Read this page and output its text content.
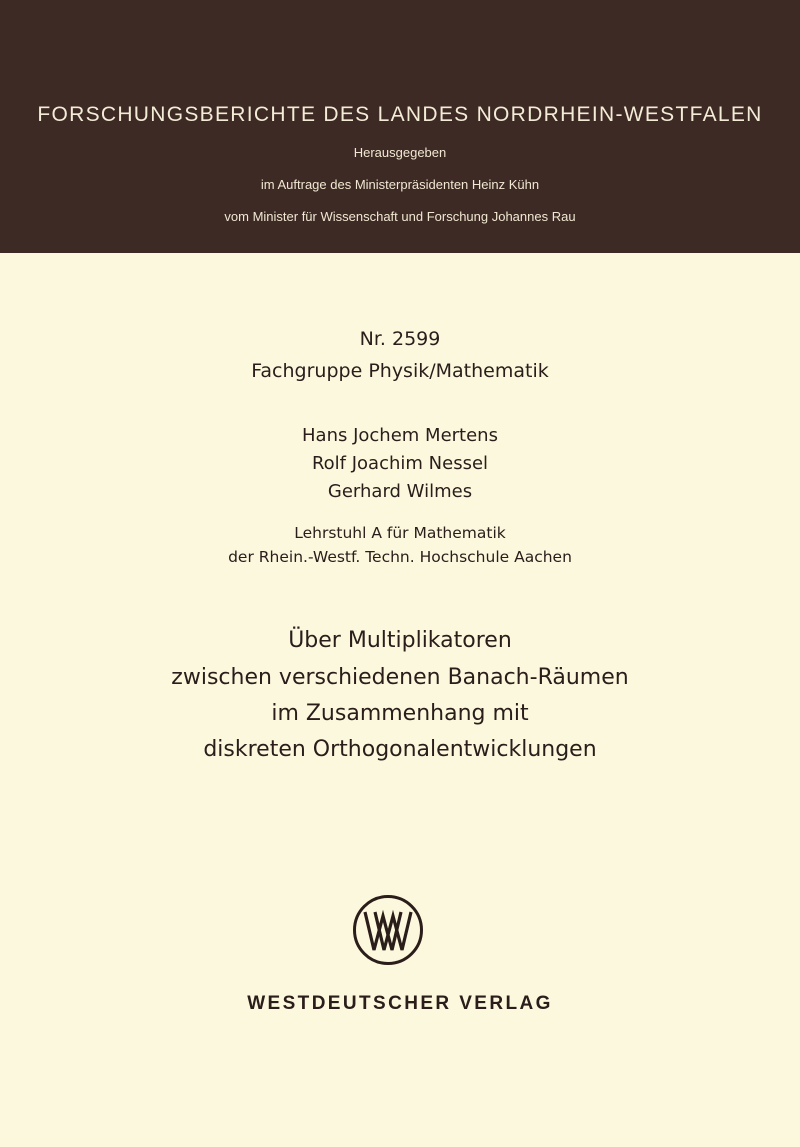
FORSCHUNGSBERICHTE DES LANDES NORDRHEIN-WESTFALEN
Herausgegeben
im Auftrage des Ministerpräsidenten Heinz Kühn
vom Minister für Wissenschaft und Forschung Johannes Rau
Nr. 2599
Fachgruppe Physik/Mathematik
Hans Jochem Mertens
Rolf Joachim Nessel
Gerhard Wilmes
Lehrstuhl A für Mathematik
der Rhein.-Westf. Techn. Hochschule Aachen
Über Multiplikatoren
zwischen verschiedenen Banach-Räumen
im Zusammenhang mit
diskreten Orthogonalentwicklungen
WESTDEUTSCHER VERLAG
